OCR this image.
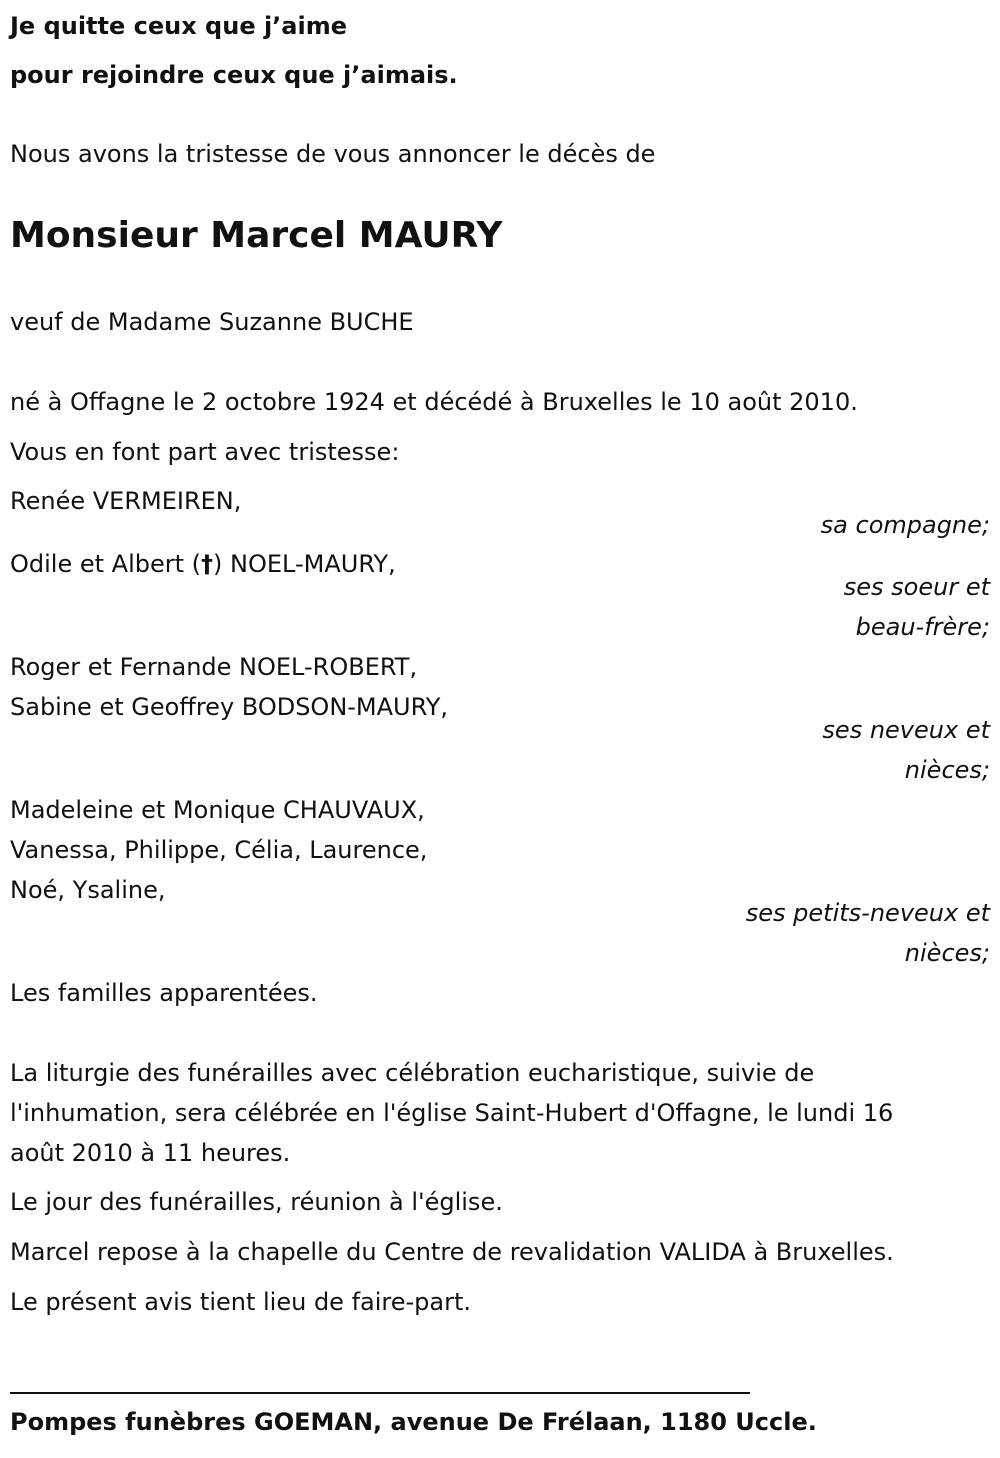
Je quitte ceux que j’aime
pour rejoindre ceux que j’aimais.
Nous avons la tristesse de vous annoncer le décès de
Monsieur Marcel MAURY
veuf de Madame Suzanne BUCHE
né à Offagne le 2 octobre 1924 et décédé à Bruxelles le 10 août 2010.
Vous en font part avec tristesse:
Renée VERMEIREN,
sa compagne;
Odile et Albert (†) NOEL-MAURY,
ses soeur et
beau-frère;
Roger et Fernande NOEL-ROBERT,
Sabine et Geoffrey BODSON-MAURY,
ses neveux et
nièces;
Madeleine et Monique CHAUVAUX,
Vanessa, Philippe, Célia, Laurence,
Noé, Ysaline,
ses petits-neveux et
nièces;
Les familles apparentées.
La liturgie des funérailles avec célébration eucharistique, suivie de
l'inhumation, sera célébrée en l'église Saint-Hubert d'Offagne, le lundi 16
août 2010 à 11 heures.
Le jour des funérailles, réunion à l'église.
Marcel repose à la chapelle du Centre de revalidation VALIDA à Bruxelles.
Le présent avis tient lieu de faire-part.
Pompes funèbres GOEMAN, avenue De Frélaan, 1180 Uccle.
